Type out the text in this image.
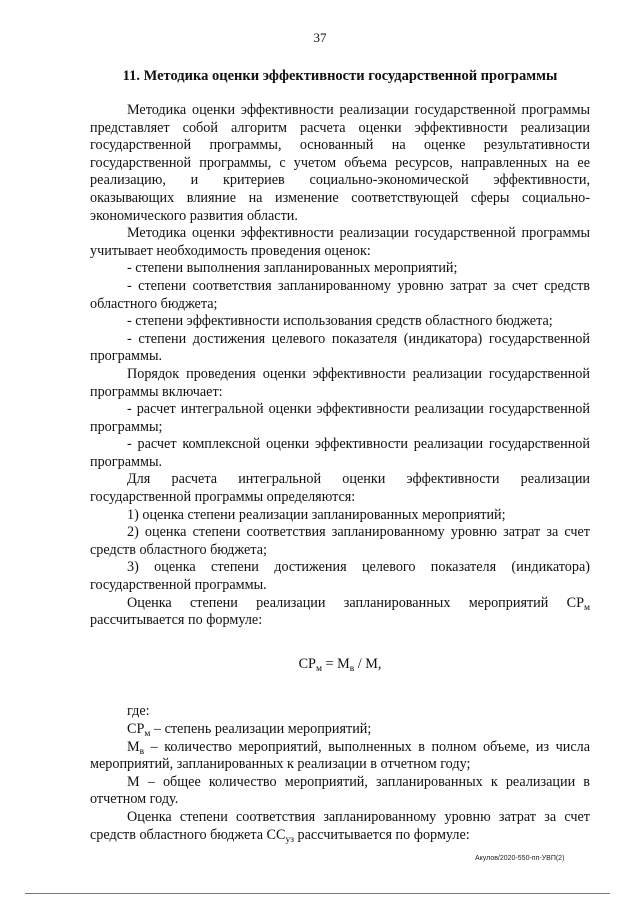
37
11. Методика оценки эффективности государственной программы

Методика оценки эффективности реализации государственной программы представляет собой алгоритм расчета оценки эффективности реализации государственной программы, основанный на оценке результативности государственной программы, с учетом объема ресурсов, направленных на ее реализацию, и критериев социально-экономической эффективности, оказывающих влияние на изменение соответствующей сферы социально-экономического развития области.

Методика оценки эффективности реализации государственной программы учитывает необходимость проведения оценок:

- степени выполнения запланированных мероприятий;

- степени соответствия запланированному уровню затрат за счет средств областного бюджета;

- степени эффективности использования средств областного бюджета;

- степени достижения целевого показателя (индикатора) государственной программы.

Порядок проведения оценки эффективности реализации государственной программы включает:

- расчет интегральной оценки эффективности реализации государственной программы;

- расчет комплексной оценки эффективности реализации государственной программы.

Для расчета интегральной оценки эффективности реализации государственной программы определяются:

1) оценка степени реализации запланированных мероприятий;

2) оценка степени соответствия запланированному уровню затрат за счет средств областного бюджета;

3) оценка степени достижения целевого показателя (индикатора) государственной программы.

Оценка степени реализации запланированных мероприятий $СР_м$ рассчитывается по формуле:

$СР_м = М_в / М$,

где:

$СР_м$ – степень реализации мероприятий;

$М_в$ – количество мероприятий, выполненных в полном объеме, из числа мероприятий, запланированных к реализации в отчетном году;

М – общее количество мероприятий, запланированных к реализации в отчетном году.

Оценка степени соответствия запланированному уровню затрат за счет средств областного бюджета $СС_{уз}$ рассчитывается по формуле:

Акулов/2020-550-пп-УВП(2)
